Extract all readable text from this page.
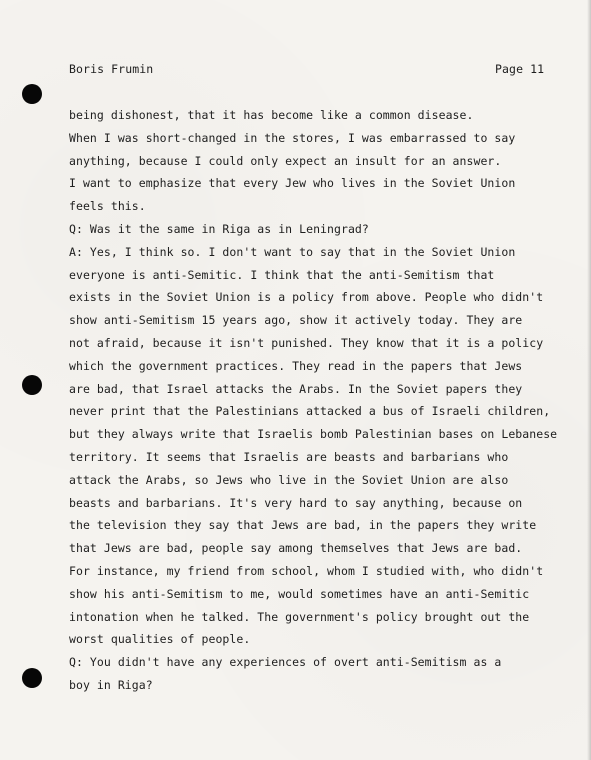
Boris Frumin	Page 11
being dishonest, that it has become like a common disease.
When I was short-changed in the stores, I was embarrassed to say
anything, because I could only expect an insult for an answer.
I want to emphasize that every Jew who lives in the Soviet Union
feels this.
Q: Was it the same in Riga as in Leningrad?
A: Yes, I think so. I don't want to say that in the Soviet Union
everyone is anti-Semitic. I think that the anti-Semitism that
exists in the Soviet Union is a policy from above. People who didn't
show anti-Semitism 15 years ago, show it actively today. They are
not afraid, because it isn't punished. They know that it is a policy
which the government practices. They read in the papers that Jews
are bad, that Israel attacks the Arabs. In the Soviet papers they
never print that the Palestinians attacked a bus of Israeli children,
but they always write that Israelis bomb Palestinian bases on Lebanese
territory. It seems that Israelis are beasts and barbarians who
attack the Arabs, so Jews who live in the Soviet Union are also
beasts and barbarians. It's very hard to say anything, because on
the television they say that Jews are bad, in the papers they write
that Jews are bad, people say among themselves that Jews are bad.
For instance, my friend from school, whom I studied with, who didn't
show his anti-Semitism to me, would sometimes have an anti-Semitic
intonation when he talked. The government's policy brought out the
worst qualities of people.
Q: You didn't have any experiences of overt anti-Semitism as a
boy in Riga?
